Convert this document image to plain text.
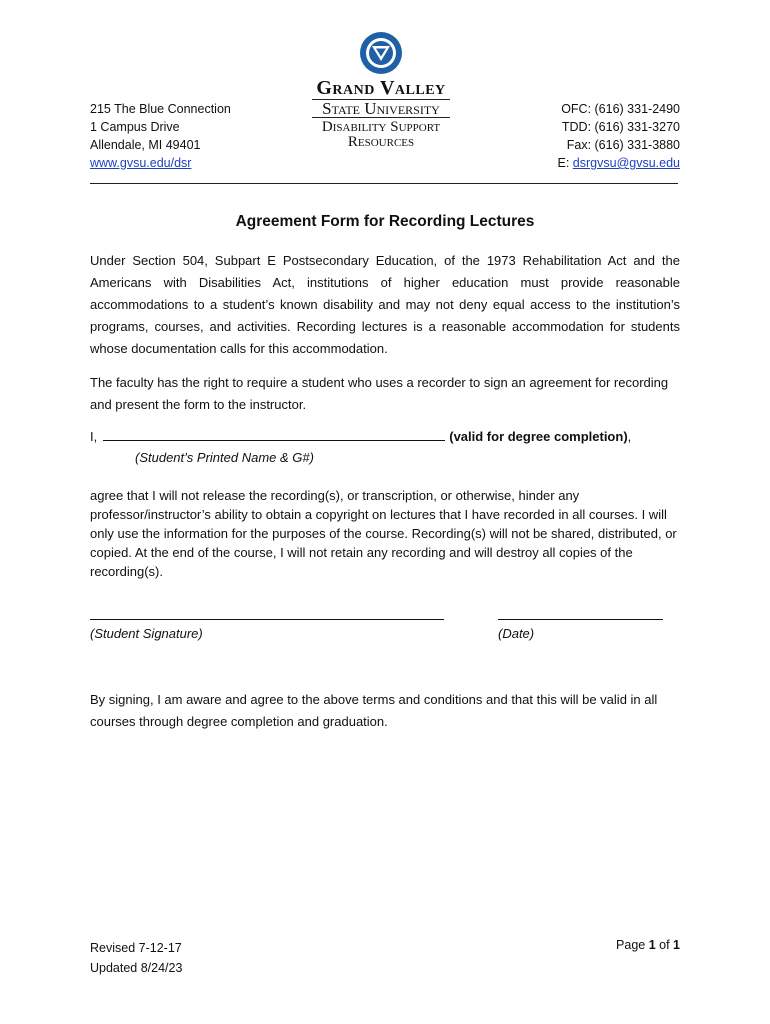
Grand Valley
State University
Disability Support
Resources
215 The Blue Connection
1 Campus Drive
Allendale, MI 49401
www.gvsu.edu/dsr
OFC: (616) 331-2490
TDD: (616) 331-3270
Fax: (616) 331-3880
E: dsrgvsu@gvsu.edu
Agreement Form for Recording Lectures

Under Section 504, Subpart E Postsecondary Education, of the 1973 Rehabilitation Act and the Americans with Disabilities Act, institutions of higher education must provide reasonable accommodations to a student’s known disability and may not deny equal access to the institution’s programs, courses, and activities. Recording lectures is a reasonable accommodation for students whose documentation calls for this accommodation.

The faculty has the right to require a student who uses a recorder to sign an agreement for recording and present the form to the instructor.

I,	(valid for degree completion),
(Student’s Printed Name & G#)

agree that I will not release the recording(s), or transcription, or otherwise, hinder any professor/instructor’s ability to obtain a copyright on lectures that I have recorded in all courses. I will only use the information for the purposes of the course. Recording(s) will not be shared, distributed, or copied. At the end of the course, I will not retain any recording and will destroy all copies of the recording(s).

(Student Signature)	(Date)

By signing, I am aware and agree to the above terms and conditions and that this will be valid in all courses through degree completion and graduation.

Revised 7-12-17
Updated 8/24/23
Page 1 of 1
